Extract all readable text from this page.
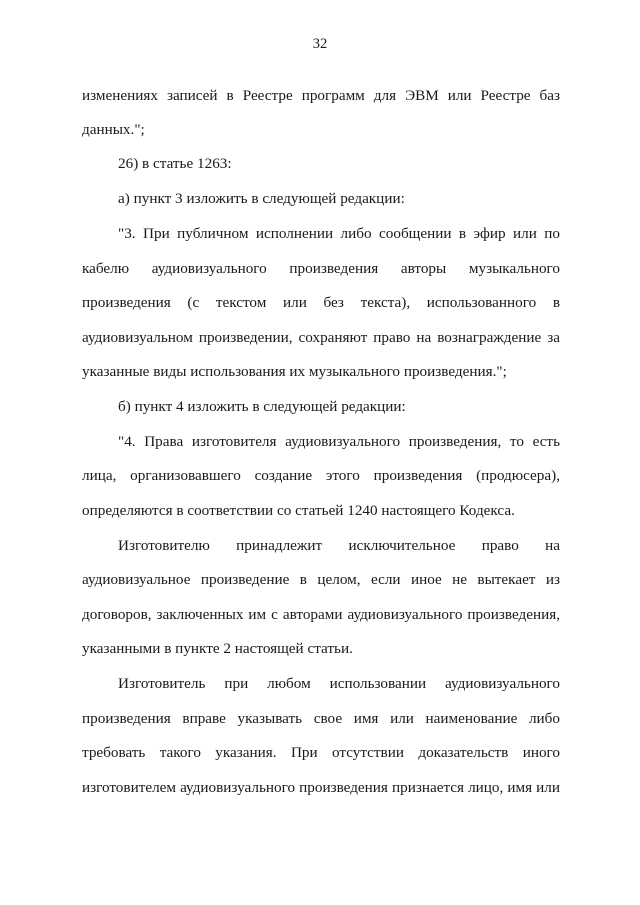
32
изменениях записей в Реестре программ для ЭВМ или Реестре баз
данных.";
26) в статье 1263:
а) пункт 3 изложить в следующей редакции:
"3. При публичном исполнении либо сообщении в эфир или по
кабелю аудиовизуального произведения авторы музыкального
произведения (с текстом или без текста), использованного в
аудиовизуальном произведении, сохраняют право на вознаграждение за
указанные виды использования их музыкального произведения.";
б) пункт 4 изложить в следующей редакции:
"4. Права изготовителя аудиовизуального произведения, то есть
лица, организовавшего создание этого произведения (продюсера),
определяются в соответствии со статьей 1240 настоящего Кодекса.
Изготовителю принадлежит исключительное право на
аудиовизуальное произведение в целом, если иное не вытекает из
договоров, заключенных им с авторами аудиовизуального произведения,
указанными в пункте 2 настоящей статьи.
Изготовитель при любом использовании аудиовизуального
произведения вправе указывать свое имя или наименование либо
требовать такого указания. При отсутствии доказательств иного
изготовителем аудиовизуального произведения признается лицо, имя или
